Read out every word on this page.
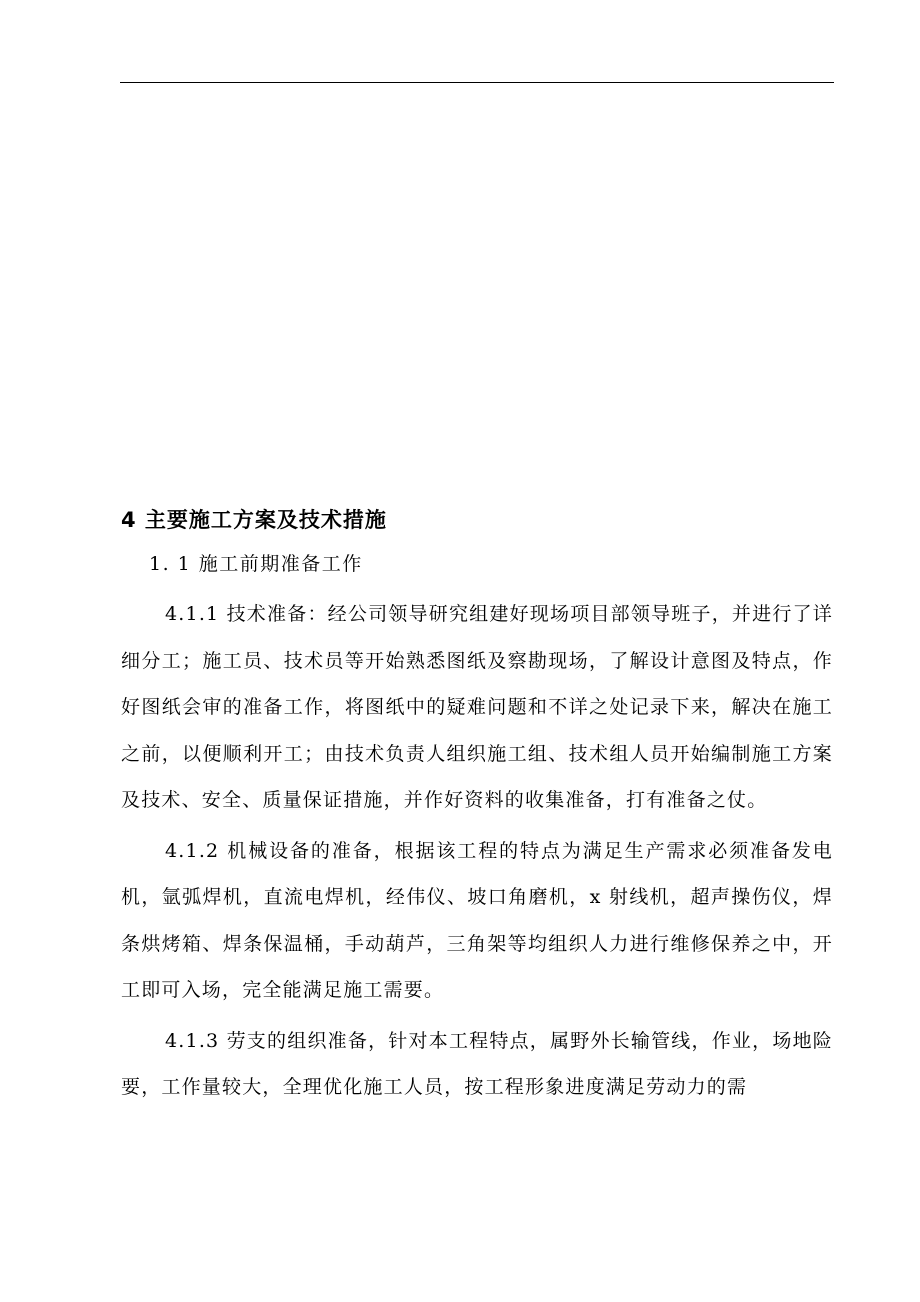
4 主要施工方案及技术措施
1. 1 施工前期准备工作

4.1.1 技术准备：经公司领导研究组建好现场项目部领导班子，并进行了详细分工；施工员、技术员等开始熟悉图纸及察勘现场，了解设计意图及特点，作好图纸会审的准备工作，将图纸中的疑难问题和不详之处记录下来，解决在施工之前，以便顺利开工；由技术负责人组织施工组、技术组人员开始编制施工方案及技术、安全、质量保证措施，并作好资料的收集准备，打有准备之仗。

4.1.2 机械设备的准备，根据该工程的特点为满足生产需求必须准备发电机，氩弧焊机，直流电焊机，经伟仪、坡口角磨机，x 射线机，超声操伤仪，焊条烘烤箱、焊条保温桶，手动葫芦，三角架等均组织人力进行维修保养之中，开工即可入场，完全能满足施工需要。

4.1.3 劳支的组织准备，针对本工程特点，属野外长输管线，作业，场地险要，工作量较大，全理优化施工人员，按工程形象进度满足劳动力的需
